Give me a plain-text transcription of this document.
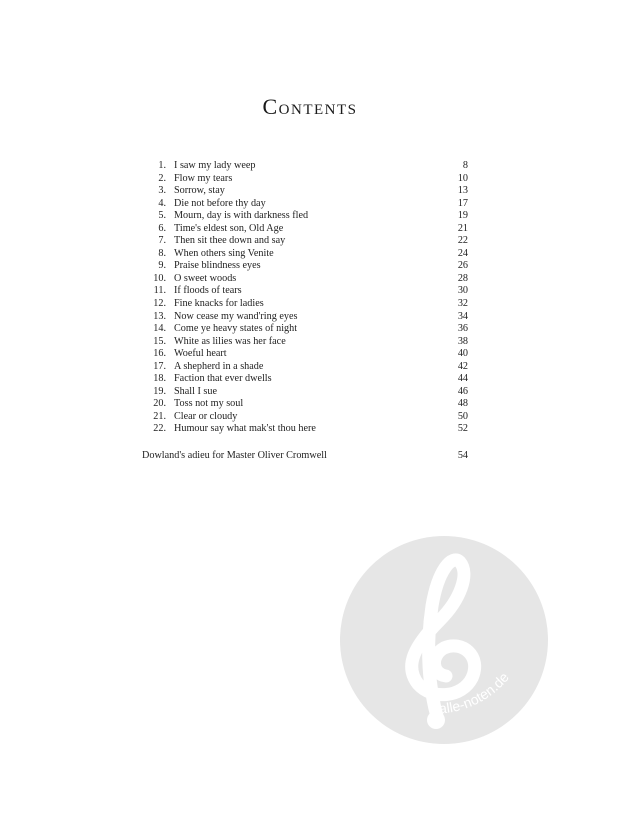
Contents
1. I saw my lady weep	8
2. Flow my tears	10
3. Sorrow, stay	13
4. Die not before thy day	17
5. Mourn, day is with darkness fled	19
6. Time's eldest son, Old Age	21
7. Then sit thee down and say	22
8. When others sing Venite	24
9. Praise blindness eyes	26
10. O sweet woods	28
11. If floods of tears	30
12. Fine knacks for ladies	32
13. Now cease my wand'ring eyes	34
14. Come ye heavy states of night	36
15. White as lilies was her face	38
16. Woeful heart	40
17. A shepherd in a shade	42
18. Faction that ever dwells	44
19. Shall I sue	46
20. Toss not my soul	48
21. Clear or cloudy	50
22. Humour say what mak'st thou here	52
Dowland's adieu for Master Oliver Cromwell	54
alle-noten.de
